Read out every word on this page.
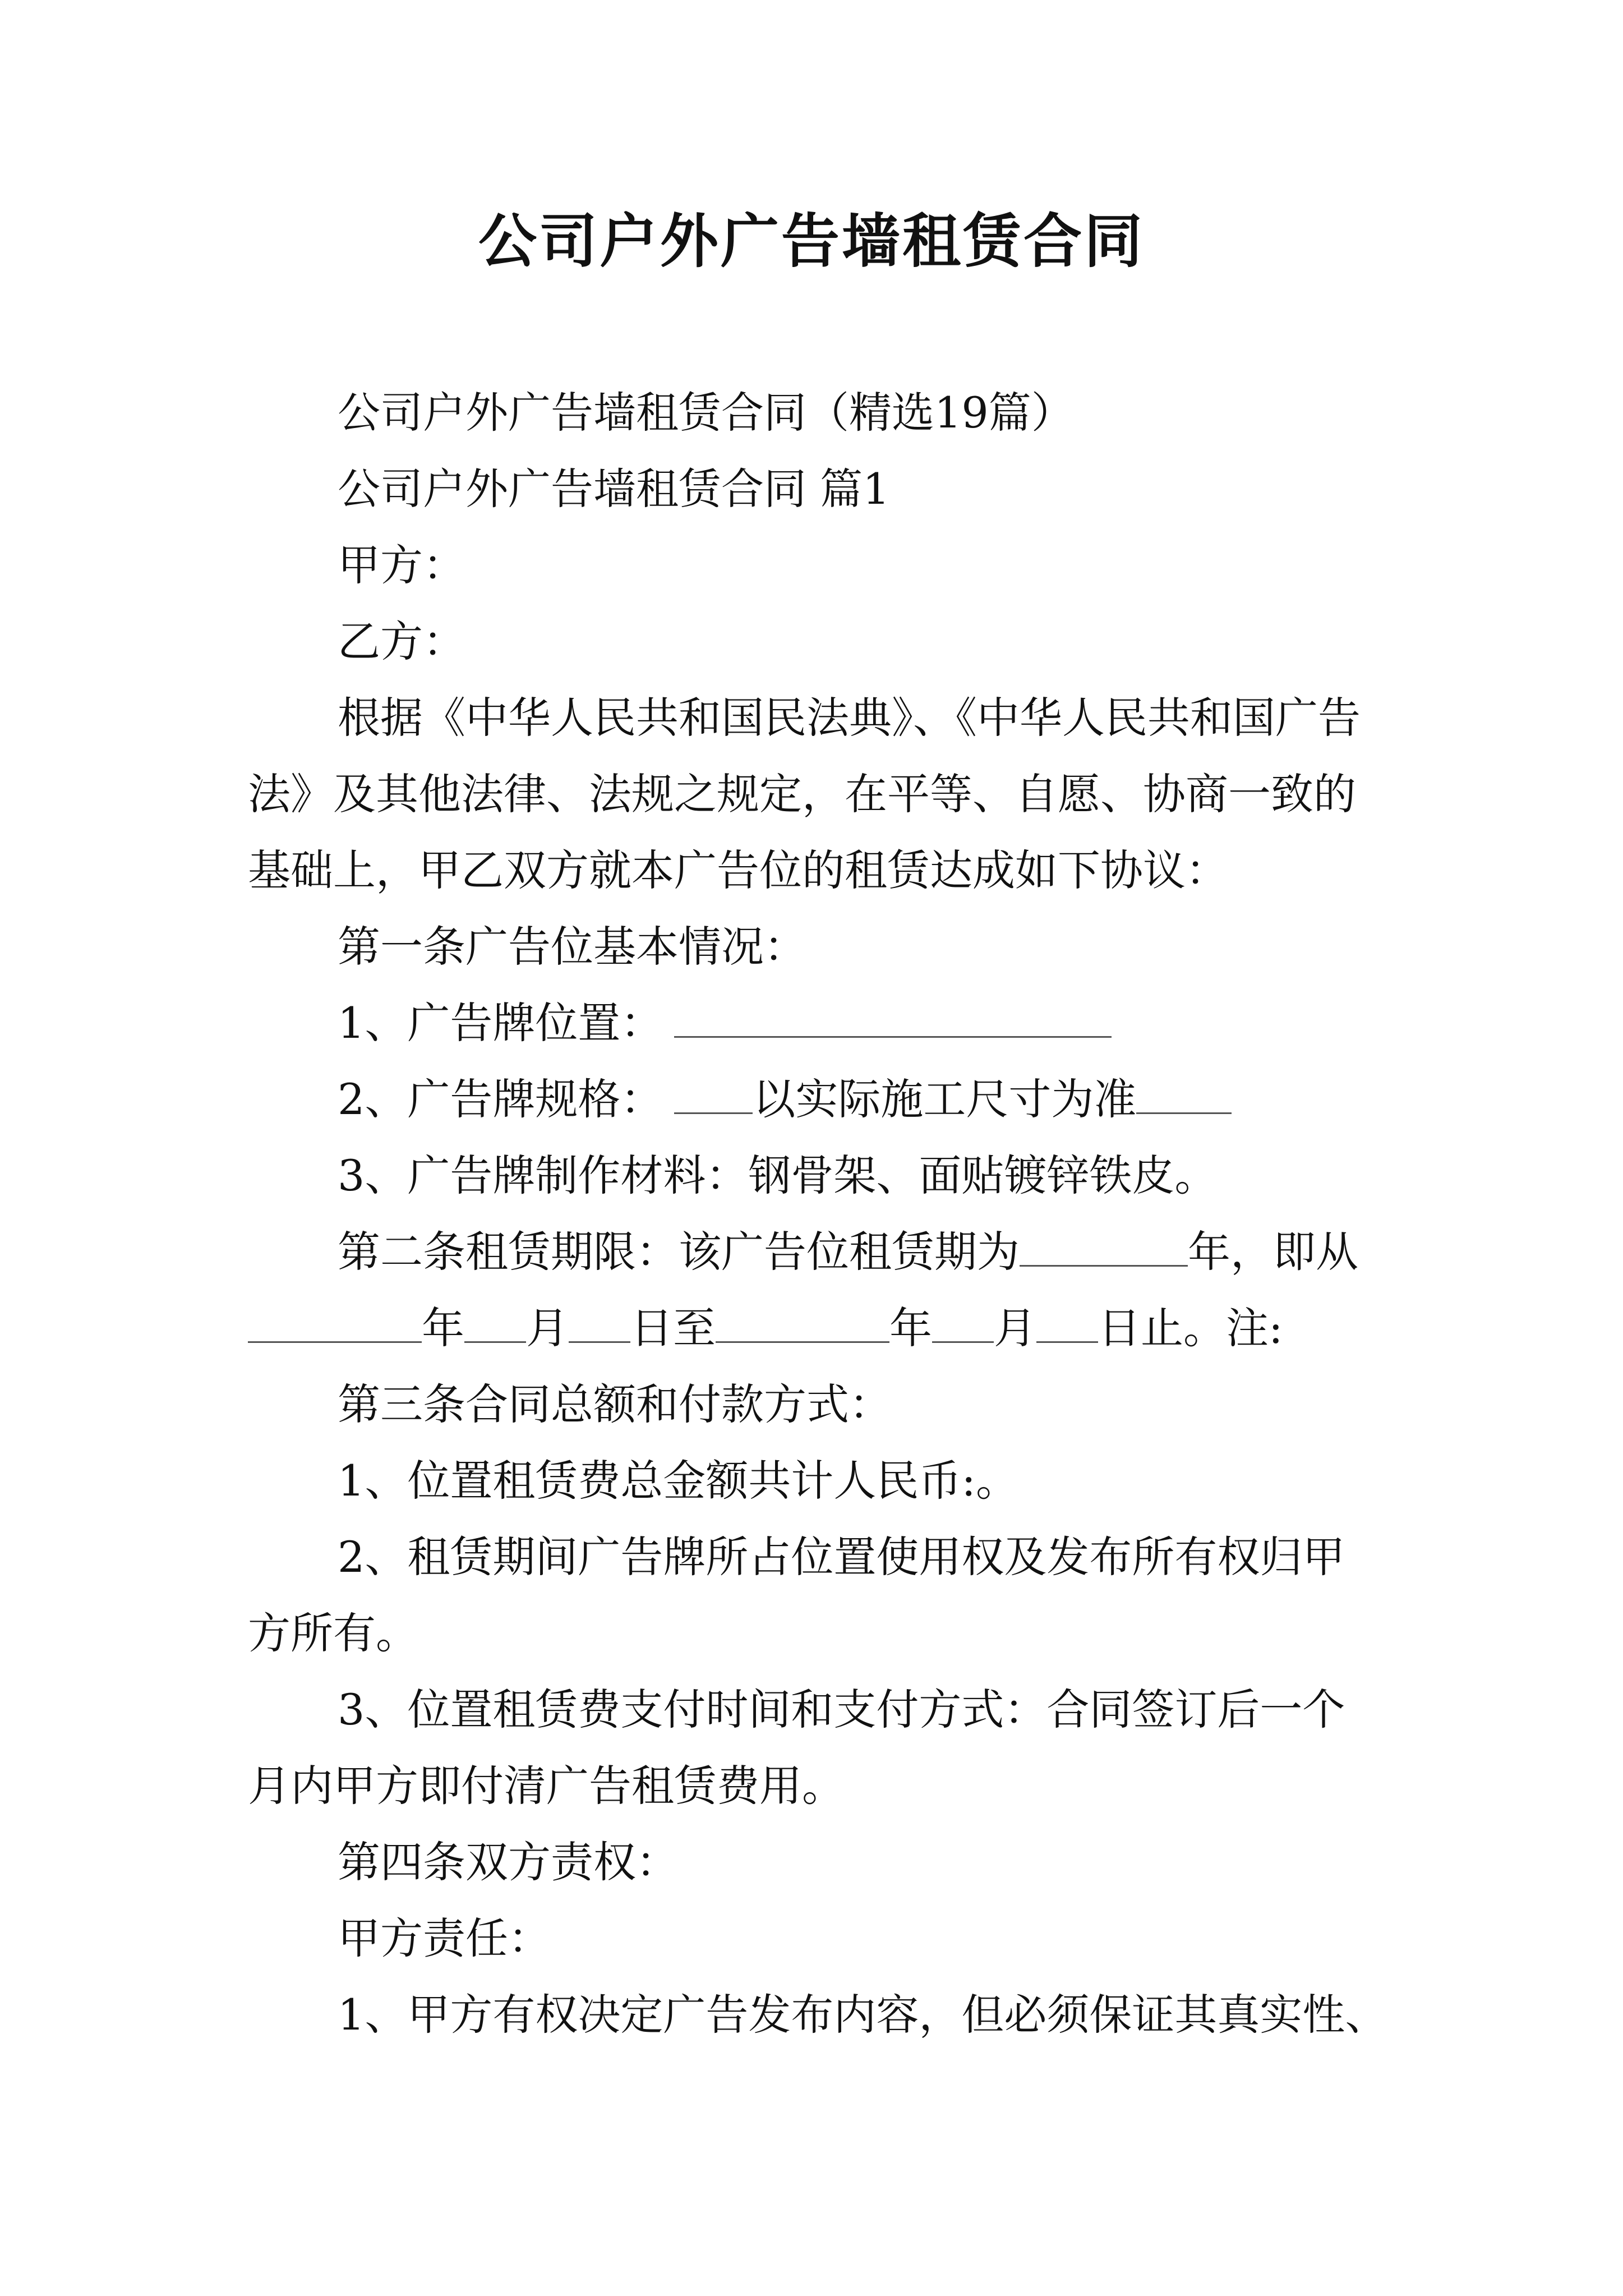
公司户外广告墙租赁合同

公司户外广告墙租赁合同（精选19篇）

公司户外广告墙租赁合同 篇1

甲方：

乙方：

根据《中华人民共和国民法典》、《中华人民共和国广告

法》及其他法律、法规之规定，在平等、自愿、协商一致的

基础上，甲乙双方就本广告位的租赁达成如下协议：

第一条广告位基本情况：

1、广告牌位置：

2、广告牌规格： 以实际施工尺寸为准

3、广告牌制作材料：钢骨架、面贴镀锌铁皮。

第二条租赁期限：该广告位租赁期为	年，即从

年 月 日至	年 月 日止。注:

第三条合同总额和付款方式：

1、位置租赁费总金额共计人民币:。

2、租赁期间广告牌所占位置使用权及发布所有权归甲

方所有。

3、位置租赁费支付时间和支付方式：合同签订后一个

月内甲方即付清广告租赁费用。

第四条双方责权：

甲方责任：

1、甲方有权决定广告发布内容，但必须保证其真实性、
